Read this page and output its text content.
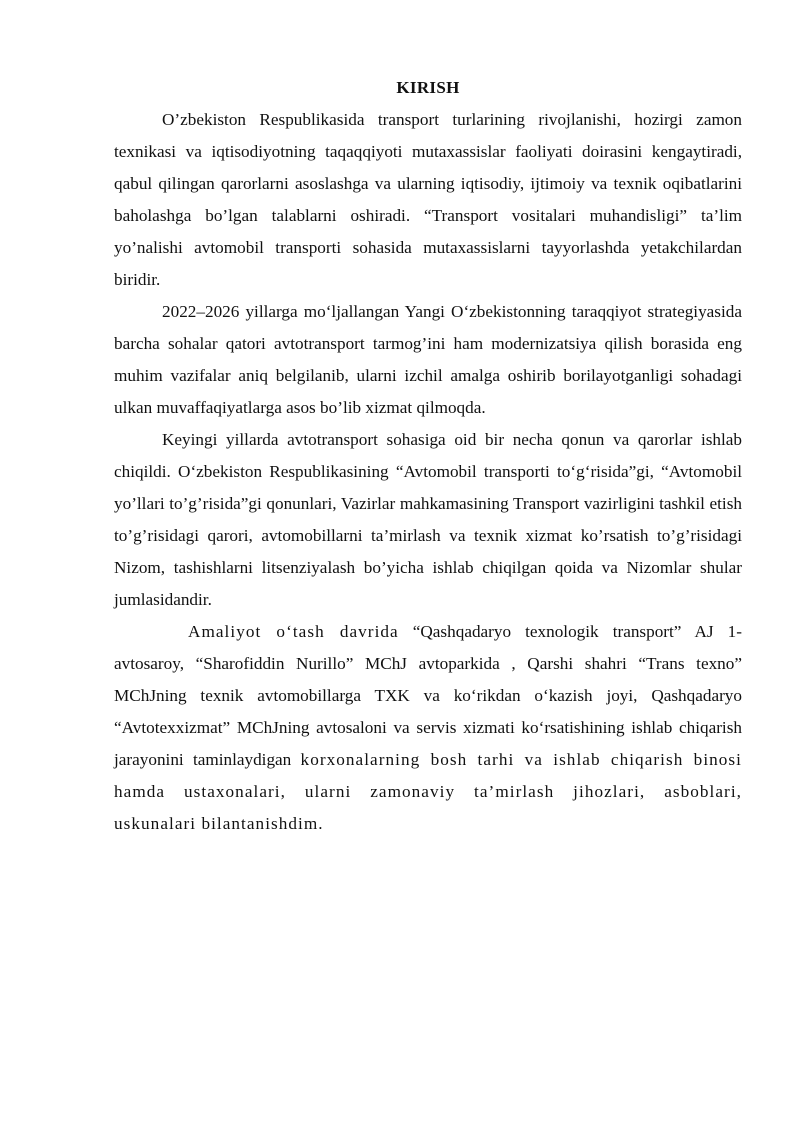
KIRISH

O’zbekiston Respublikasida transport turlarining rivojlanishi, hozirgi zamon texnikasi va iqtisodiyotning taqaqqiyoti mutaxassislar faoliyati doirasini kengaytiradi, qabul qilingan qarorlarni asoslashga va ularning iqtisodiy, ijtimoiy va texnik oqibatlarini baholashga bo’lgan talablarni oshiradi. “Transport vositalari muhandisligi” ta’lim yo’nalishi avtomobil transporti sohasida mutaxassislarni tayyorlashda yetakchilardan biridir.

2022–2026 yillarga mo‘ljallangan Yangi O‘zbekistonning taraqqiyot strategiyasida barcha sohalar qatori avtotransport tarmog’ini ham modernizatsiya qilish borasida eng muhim vazifalar aniq belgilanib, ularni izchil amalga oshirib borilayotganligi sohadagi ulkan muvaffaqiyatlarga asos bo’lib xizmat qilmoqda.

Keyingi yillarda avtotransport sohasiga oid bir necha qonun va qarorlar ishlab chiqildi. O‘zbekiston Respublikasining “Avtomobil transporti to‘g‘risida”gi, “Avtomobil yo’llari to’g’risida”gi qonunlari, Vazirlar mahkamasining Transport vazirligini tashkil etish to’g’risidagi qarori, avtomobillarni ta’mirlash va texnik xizmat ko’rsatish to’g’risidagi Nizom, tashishlarni litsenziyalash bo’yicha ishlab chiqilgan qoida va Nizomlar shular jumlasidandir.

Amaliyot o‘tash davrida “Qashqadaryo texnologik transport” AJ 1-avtosaroy, “Sharofiddin Nurillo” MChJ avtoparkida , Qarshi shahri “Trans texno” MChJning texnik avtomobillarga TXK va ko‘rikdan o‘kazish joyi, Qashqadaryo “Avtotexxizmat” MChJning avtosaloni va servis xizmati ko‘rsatishining ishlab chiqarish jarayonini taminlaydigan korxonalarning bosh tarhi va ishlab chiqarish binosi hamda ustaxonalari, ularni zamonaviy ta’mirlash jihozlari, asboblari, uskunalari bilantanishdim.
